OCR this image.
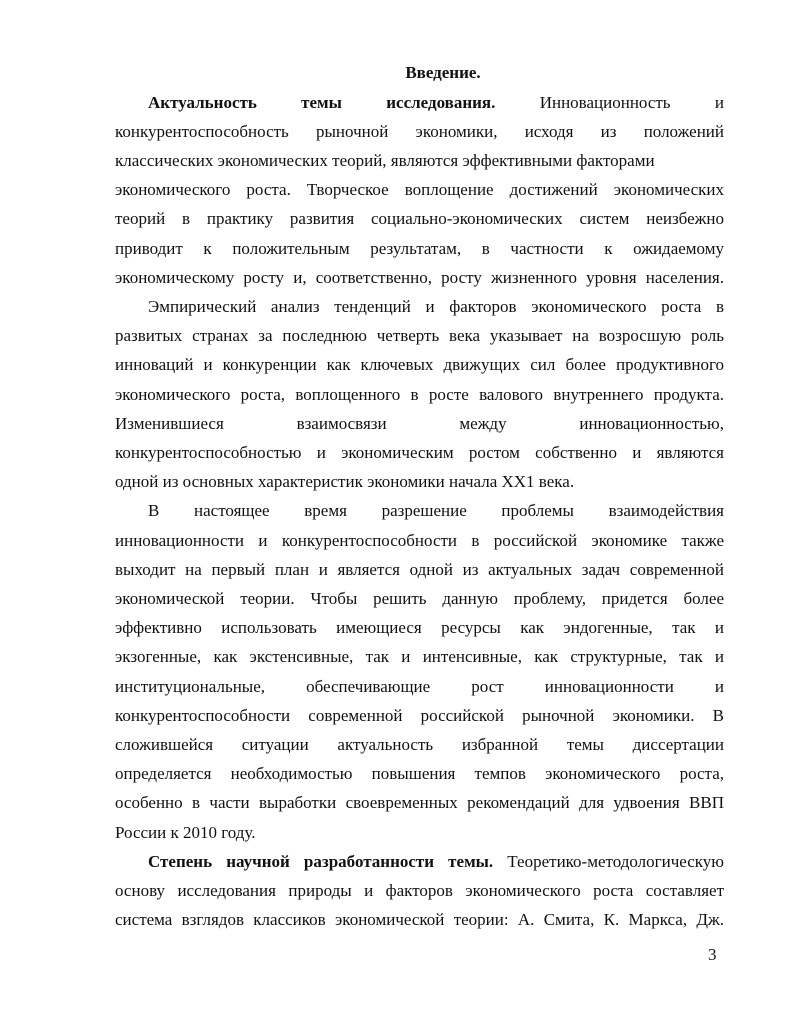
Введение.
Актуальность темы исследования. Инновационность и
конкурентоспособность рыночной экономики, исходя из положений
классических экономических теорий, являются эффективными факторами
экономического роста. Творческое воплощение достижений экономических
теорий в практику развития социально-экономических систем неизбежно
приводит к положительным результатам, в частности к ожидаемому
экономическому росту и, соответственно, росту жизненного уровня населения.
Эмпирический анализ тенденций и факторов экономического роста в
развитых странах за последнюю четверть века указывает на возросшую роль
инноваций и конкуренции как ключевых движущих сил более продуктивного
экономического роста, воплощенного в росте валового внутреннего продукта.
Изменившиеся взаимосвязи между инновационностью,
конкурентоспособностью и экономическим ростом собственно и являются
одной из основных характеристик экономики начала XX1 века.
В настоящее время разрешение проблемы взаимодействия
инновационности и конкурентоспособности в российской экономике также
выходит на первый план и является одной из актуальных задач современной
экономической теории. Чтобы решить данную проблему, придется более
эффективно использовать имеющиеся ресурсы как эндогенные, так и
экзогенные, как экстенсивные, так и интенсивные, как структурные, так и
институциональные, обеспечивающие рост инновационности и
конкурентоспособности современной российской рыночной экономики. В
сложившейся ситуации актуальность избранной темы диссертации
определяется необходимостью повышения темпов экономического роста,
особенно в части выработки своевременных рекомендаций для удвоения ВВП
России к 2010 году.
Степень научной разработанности темы. Теоретико-методологическую
основу исследования природы и факторов экономического роста составляет
система взглядов классиков экономической теории: А. Смита, К. Маркса, Дж.
3
